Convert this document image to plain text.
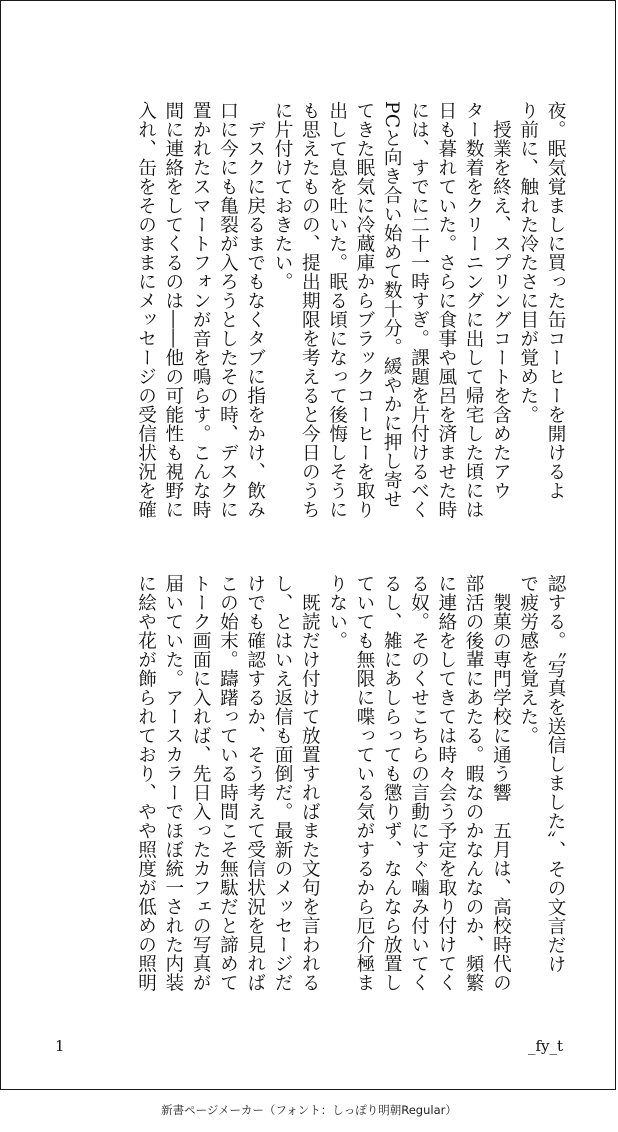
夜。眠気覚ましに買った缶コーヒーを開けるよ
り前に、触れた冷たさに目が覚めた。
　授業を終え、スプリングコートを含めたアウ
ター数着をクリーニングに出して帰宅した頃には
日も暮れていた。さらに食事や風呂を済ませた時
には、すでに二十一時すぎ。課題を片付けるべく
PCと向き合い始めて数十分。緩やかに押し寄せ
てきた眠気に冷蔵庫からブラックコーヒーを取り
出して息を吐いた。眠る頃になって後悔しそうに
も思えたものの、提出期限を考えると今日のうち
に片付けておきたい。
　デスクに戻るまでもなくタブに指をかけ、飲み
口に今にも亀裂が入ろうとしたその時、デスクに
置かれたスマートフォンが音を鳴らす。こんな時
間に連絡をしてくるのは――他の可能性も視野に
入れ、缶をそのままにメッセージの受信状況を確
認する。〝写真を送信しました〟、その文言だけ
で疲労感を覚えた。
　製菓の専門学校に通う響　五月は、高校時代の
部活の後輩にあたる。暇なのかなんなのか、頻繁
に連絡をしてきては時々会う予定を取り付けてく
る奴。そのくせこちらの言動にすぐ噛み付いてく
るし、雑にあしらっても懲りず、なんなら放置し
ていても無限に喋っている気がするから厄介極ま
りない。
　既読だけ付けて放置すればまた文句を言われる
し、とはいえ返信も面倒だ。最新のメッセージだ
けでも確認するか、そう考えて受信状況を見れば
この始末。躊躇っている時間こそ無駄だと諦めて
トーク画面に入れば、先日入ったカフェの写真が
届いていた。アースカラーでほぼ統一された内装
に絵や花が飾られており、やや照度が低めの照明
1	_fy_t
新書ページメーカー（フォント：しっぽり明朝Regular）
